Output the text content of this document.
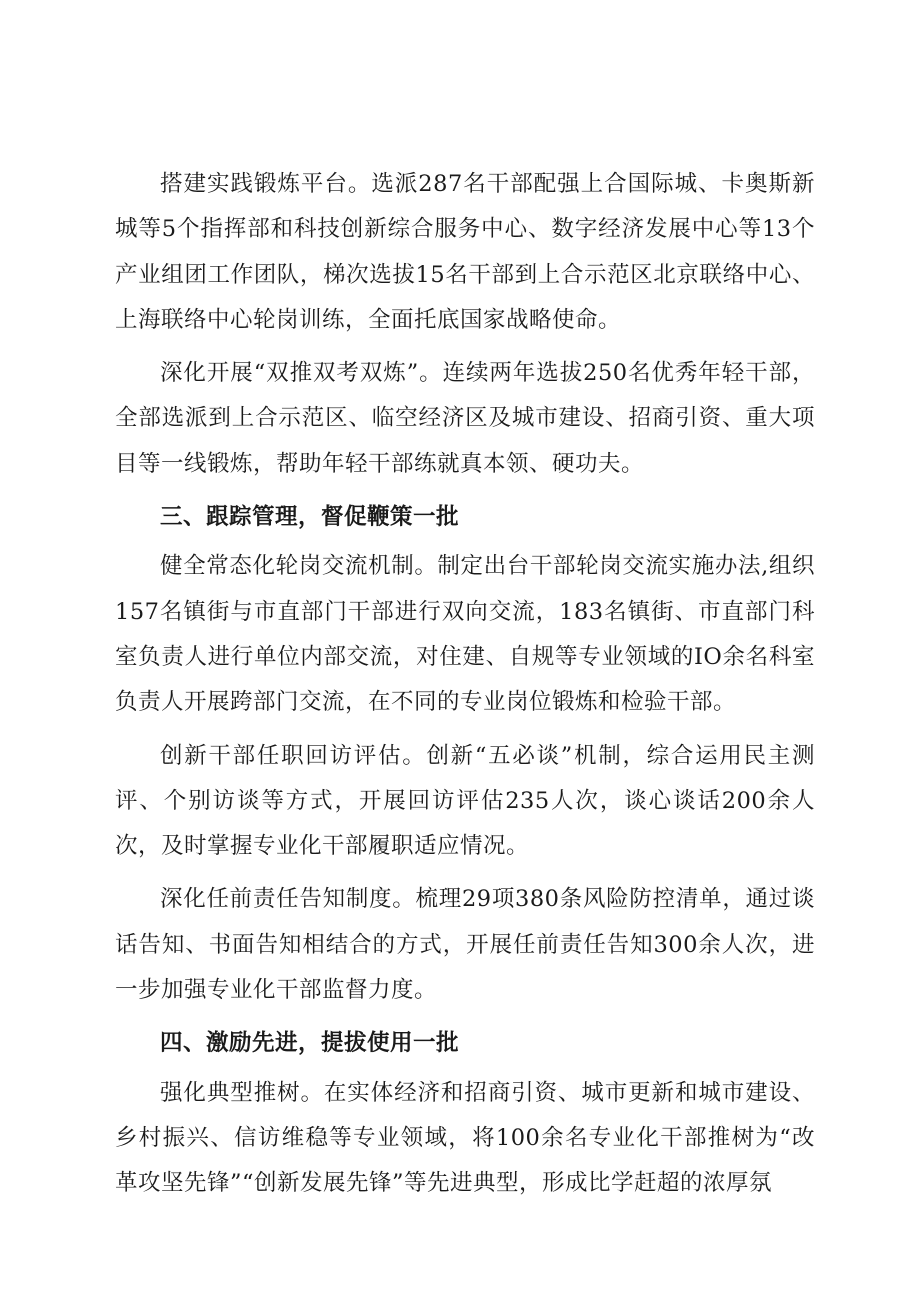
搭建实践锻炼平台。选派287名干部配强上合国际城、卡奥斯新城等5个指挥部和科技创新综合服务中心、数字经济发展中心等13个产业组团工作团队，梯次选拔15名干部到上合示范区北京联络中心、上海联络中心轮岗训练，全面托底国家战略使命。

深化开展“双推双考双炼”。连续两年选拔250名优秀年轻干部，全部选派到上合示范区、临空经济区及城市建设、招商引资、重大项目等一线锻炼，帮助年轻干部练就真本领、硬功夫。

三、跟踪管理，督促鞭策一批

健全常态化轮岗交流机制。制定出台干部轮岗交流实施办法,组织157名镇街与市直部门干部进行双向交流，183名镇街、市直部门科室负责人进行单位内部交流，对住建、自规等专业领域的IO余名科室负责人开展跨部门交流，在不同的专业岗位锻炼和检验干部。

创新干部任职回访评估。创新“五必谈”机制，综合运用民主测评、个别访谈等方式，开展回访评估235人次，谈心谈话200余人次，及时掌握专业化干部履职适应情况。

深化任前责任告知制度。梳理29项380条风险防控清单，通过谈话告知、书面告知相结合的方式，开展任前责任告知300余人次，进一步加强专业化干部监督力度。

四、激励先进，提拔使用一批

强化典型推树。在实体经济和招商引资、城市更新和城市建设、乡村振兴、信访维稳等专业领域，将100余名专业化干部推树为“改革攻坚先锋”“创新发展先锋”等先进典型，形成比学赶超的浓厚氛
